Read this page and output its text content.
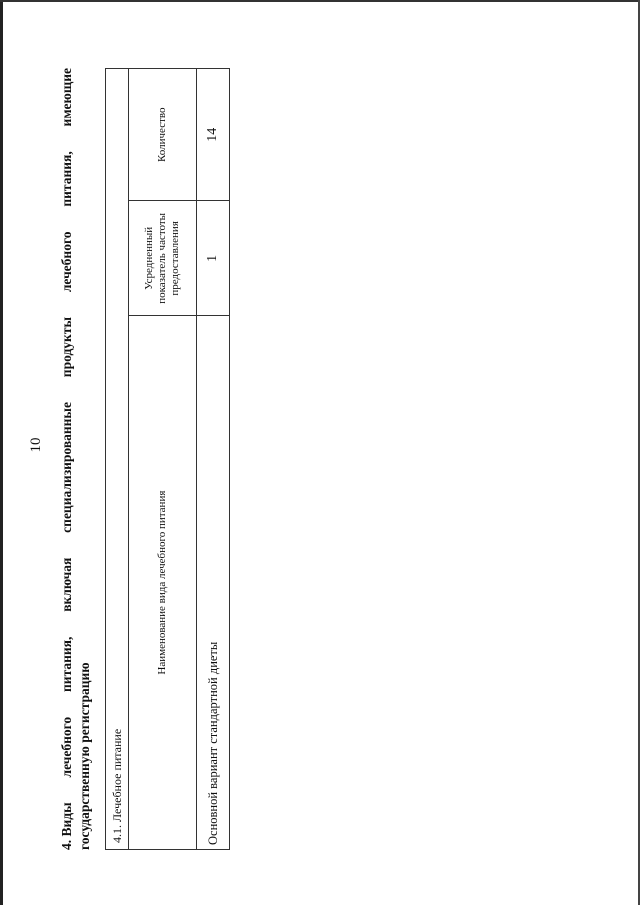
10
4. Виды
лечебного
питания,
включая
специализированные
продукты
лечебного
питания,
имеющие
государственную регистрацию 4.1. Лечебное питание		
Наименование вида лечебного питания	Усредненный показатель частоты предоставления	Количество
Основной вариант стандартной диеты	1	14
